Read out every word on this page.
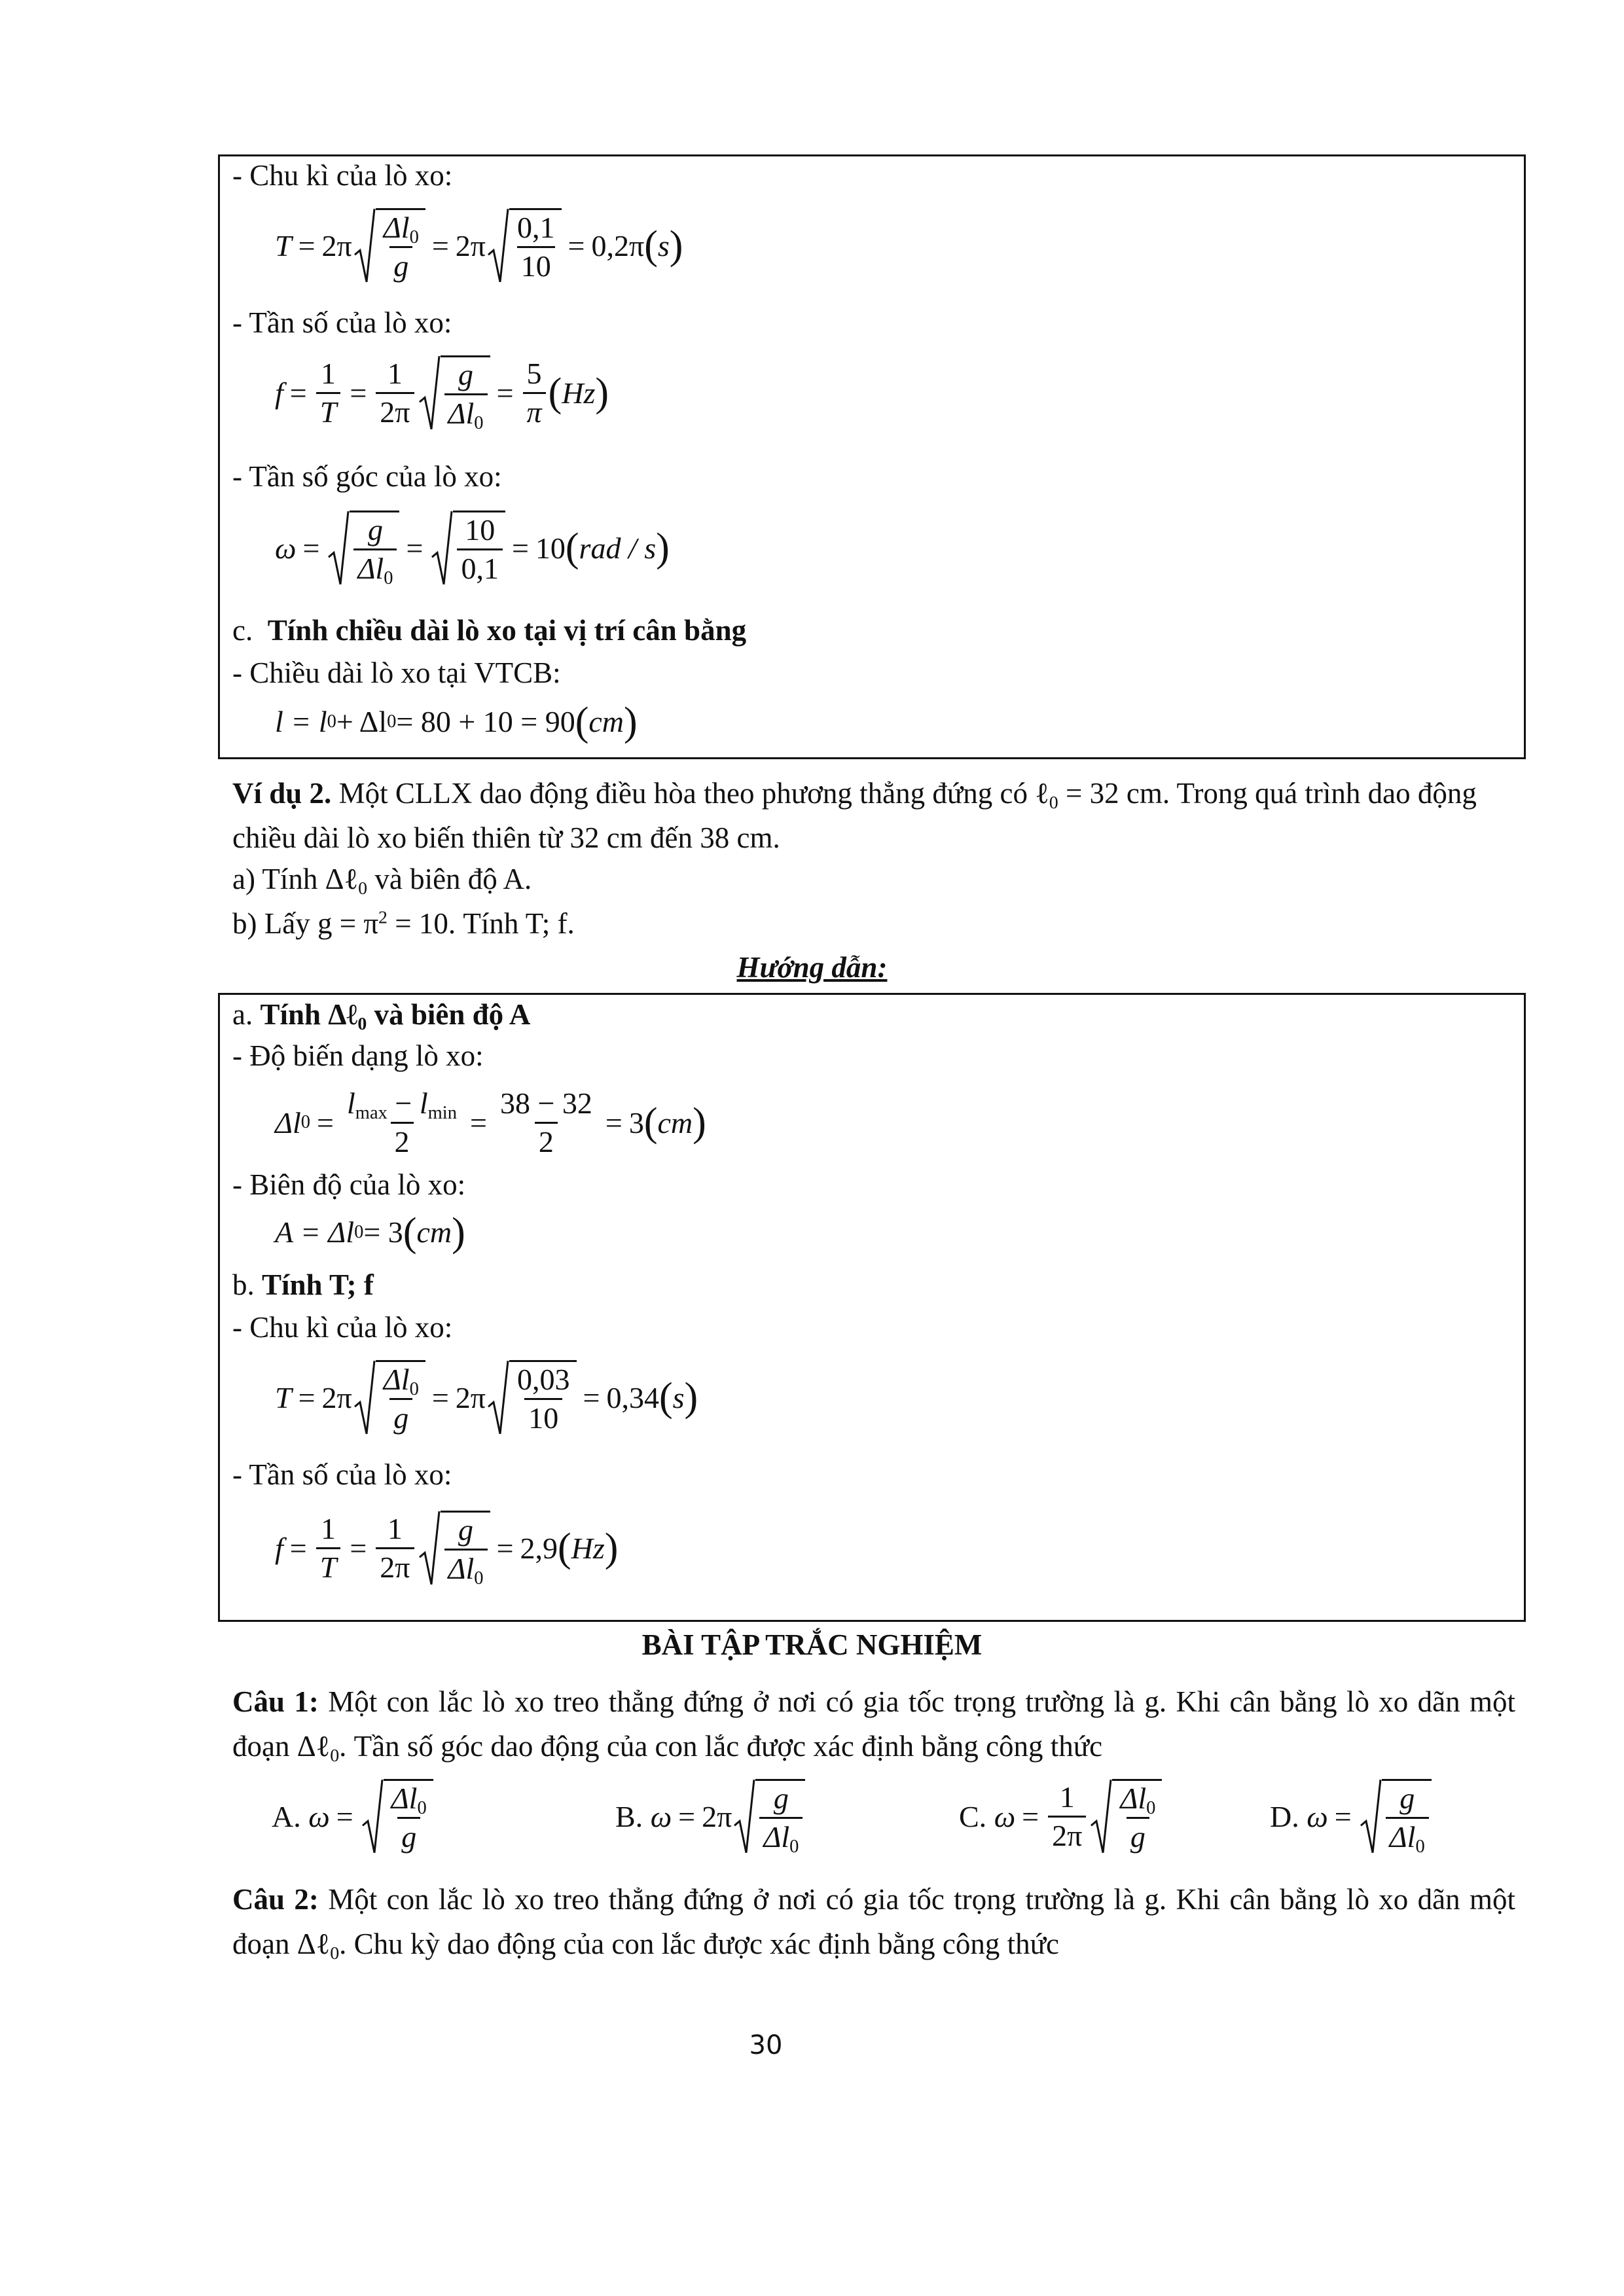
- Chu kì của lò xo:
$T = 2\pi \frac{\Delta l_0}{g} = 2\pi \frac{0,1}{10} = 0,2\pi$ ( s )
- Tần số của lò xo:
$f = \frac{1}{T} = \frac{1}{2\pi} \frac{g}{\Delta l_0} = \frac{5}{\pi}$ ( Hz )
- Tần số góc của lò xo:
$\omega = \frac{g}{\Delta l_0} = \frac{10}{0,1} = 10$ ( rad / s )
c. Tính chiều dài lò xo tại vị trí cân bằng
- Chiều dài lò xo tại VTCB:
l = l 0 + Δl 0 = 80 + 10 = 90 ( cm )
Ví dụ 2. Một CLLX dao động điều hòa theo phương thẳng đứng có ℓ$_0$ = 32 cm. Trong quá trình dao động chiều dài lò xo biến thiên từ 32 cm đến 38 cm.
a) Tính Δℓ$_0$ và biên độ A.
b) Lấy $g = \pi^2 = 10$. Tính T; f.
Hướng dẫn:
a. Tính Δℓ$_0$ và biên độ A
- Độ biến dạng lò xo:
Δl $0 = \frac{l_{max} - l_{min}}{2} = \frac{38 - 32}{2} = 3$ ( cm )
- Biên độ của lò xo:
A = Δl 0 = 3 ( cm )
b. Tính T; f
- Chu kì của lò xo:
$T = 2\pi \frac{\Delta l_0}{g} = 2\pi \frac{0,03}{10} = 0,34$ ( s )
- Tần số của lò xo:
$f = \frac{1}{T} = \frac{1}{2\pi} \frac{g}{\Delta l_0} = 2,9$ ( Hz )
BÀI TẬP TRẮC NGHIỆM
Câu 1: Một con lắc lò xo treo thẳng đứng ở nơi có gia tốc trọng trường là g. Khi cân bằng lò xo dãn một đoạn Δℓ$_0$. Tần số góc dao động của con lắc được xác định bằng công thức
A.
$\omega = \frac{\Delta l_0}{g}$	B.
$\omega = 2\pi \frac{g}{\Delta l_0}$	C.
$\omega = \frac{1}{2\pi} \frac{\Delta l_0}{g}$	D.
$\omega = \frac{g}{\Delta l_0}$
Câu 2: Một con lắc lò xo treo thẳng đứng ở nơi có gia tốc trọng trường là g. Khi cân bằng lò xo dãn một đoạn Δℓ$_0$. Chu kỳ dao động của con lắc được xác định bằng công thức
30
